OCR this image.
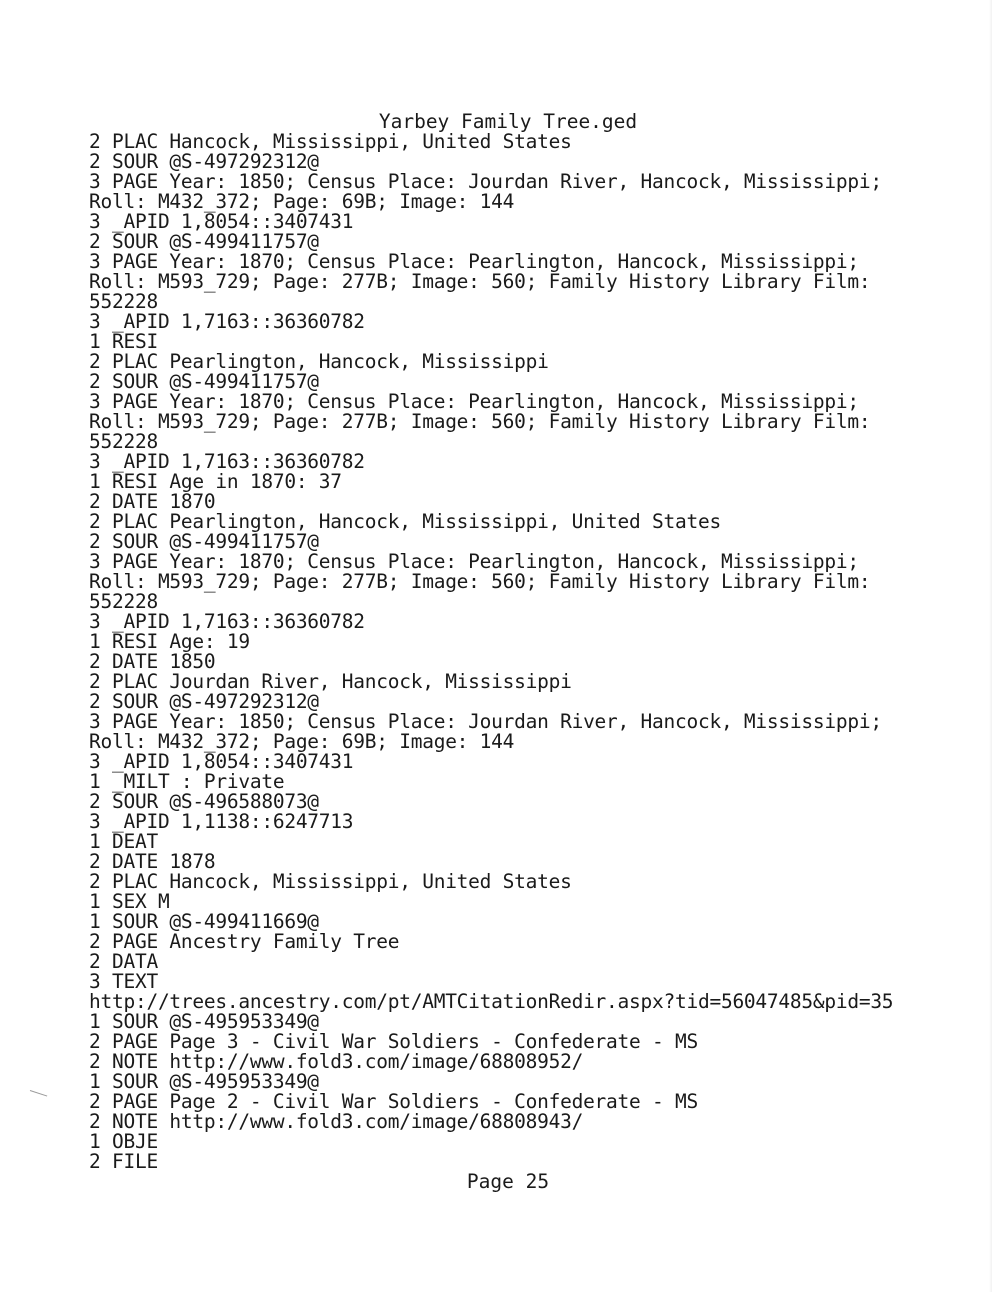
Yarbey Family Tree.ged
2 PLAC Hancock, Mississippi, United States
2 SOUR @S-497292312@
3 PAGE Year: 1850; Census Place: Jourdan River, Hancock, Mississippi;
Roll: M432_372; Page: 69B; Image: 144
3 _APID 1,8054::3407431
2 SOUR @S-499411757@
3 PAGE Year: 1870; Census Place: Pearlington, Hancock, Mississippi;
Roll: M593_729; Page: 277B; Image: 560; Family History Library Film:
552228
3 _APID 1,7163::36360782
1 RESI
2 PLAC Pearlington, Hancock, Mississippi
2 SOUR @S-499411757@
3 PAGE Year: 1870; Census Place: Pearlington, Hancock, Mississippi;
Roll: M593_729; Page: 277B; Image: 560; Family History Library Film:
552228
3 _APID 1,7163::36360782
1 RESI Age in 1870: 37
2 DATE 1870
2 PLAC Pearlington, Hancock, Mississippi, United States
2 SOUR @S-499411757@
3 PAGE Year: 1870; Census Place: Pearlington, Hancock, Mississippi;
Roll: M593_729; Page: 277B; Image: 560; Family History Library Film:
552228
3 _APID 1,7163::36360782
1 RESI Age: 19
2 DATE 1850
2 PLAC Jourdan River, Hancock, Mississippi
2 SOUR @S-497292312@
3 PAGE Year: 1850; Census Place: Jourdan River, Hancock, Mississippi;
Roll: M432_372; Page: 69B; Image: 144
3 _APID 1,8054::3407431
1 _MILT : Private
2 SOUR @S-496588073@
3 _APID 1,1138::6247713
1 DEAT
2 DATE 1878
2 PLAC Hancock, Mississippi, United States
1 SEX M
1 SOUR @S-499411669@
2 PAGE Ancestry Family Tree
2 DATA
3 TEXT
http://trees.ancestry.com/pt/AMTCitationRedir.aspx?tid=56047485&pid=35
1 SOUR @S-495953349@
2 PAGE Page 3 - Civil War Soldiers - Confederate - MS
2 NOTE http://www.fold3.com/image/68808952/
1 SOUR @S-495953349@
2 PAGE Page 2 - Civil War Soldiers - Confederate - MS
2 NOTE http://www.fold3.com/image/68808943/
1 OBJE
2 FILE
Page 25
